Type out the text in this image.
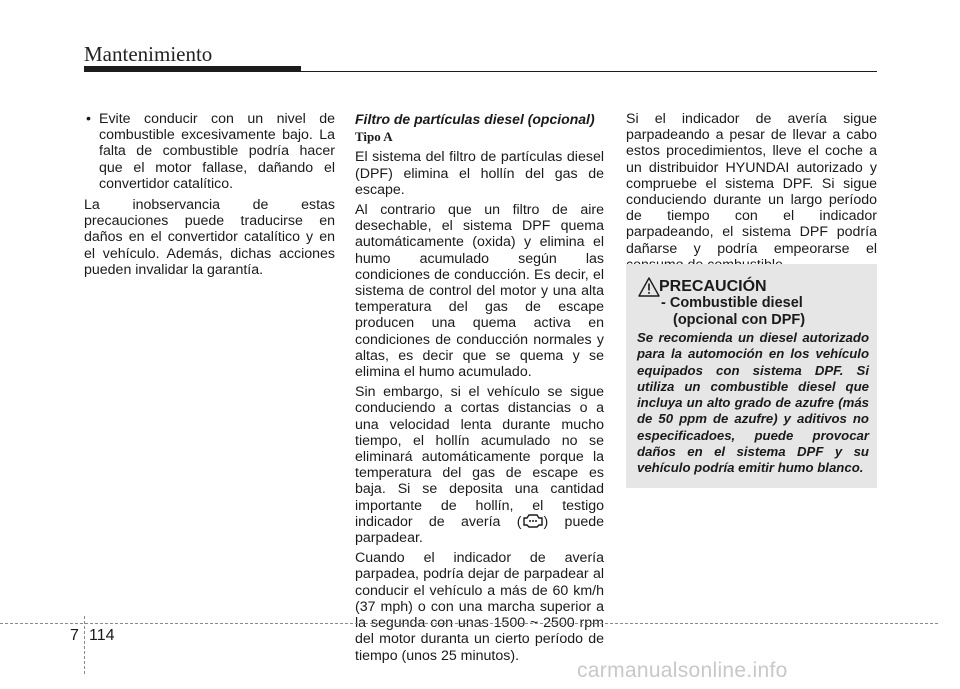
Mantenimiento
• Evite conducir con un nivel de combustible excesivamente bajo. La falta de combustible podría hacer que el motor fallase, dañando el convertidor catalítico.

La inobservancia de estas precauciones puede traducirse en daños en el convertidor catalítico y en el vehículo. Además, dichas acciones pueden invalidar la garantía.

Filtro de partículas diesel (opcional)

Tipo A

El sistema del filtro de partículas diesel (DPF) elimina el hollín del gas de escape.

Al contrario que un filtro de aire desechable, el sistema DPF quema automáticamente (oxida) y elimina el humo acumulado según las condiciones de conducción. Es decir, el sistema de control del motor y una alta temperatura del gas de escape producen una quema activa en condiciones de conducción normales y altas, es decir que se quema y se elimina el humo acumulado.

Sin embargo, si el vehículo se sigue conduciendo a cortas distancias o a una velocidad lenta durante mucho tiempo, el hollín acumulado no se eliminará automáticamente porque la temperatura del gas de escape es baja. Si se deposita una cantidad importante de hollín, el testigo indicador de avería ( ) puede parpadear.

Cuando el indicador de avería parpadea, podría dejar de parpadear al conducir el vehículo a más de 60 km/h (37 mph) o con una marcha superior a la segunda con unas 1500 ~ 2500 rpm del motor duranta un cierto período de tiempo (unos 25 minutos).

Si el indicador de avería sigue parpadeando a pesar de llevar a cabo estos procedimientos, lleve el coche a un distribuidor HYUNDAI autorizado y compruebe el sistema DPF. Si sigue conduciendo durante un largo período de tiempo con el indicador parpadeando, el sistema DPF podría dañarse y podría empeorarse el

PRECAUCIÓN
- Combustible diesel
(opcional con DPF)
Se recomienda un diesel autorizado para la automoción en los vehículo equipados con sistema DPF. Si utiliza un combustible diesel que incluya un alto grado de azufre (más de 50 ppm de azufre) y aditivos no especificadoes, puede provocar daños en el sistema DPF y su vehículo podría emitir humo blanco.
7 114
carmanualsonline.info
